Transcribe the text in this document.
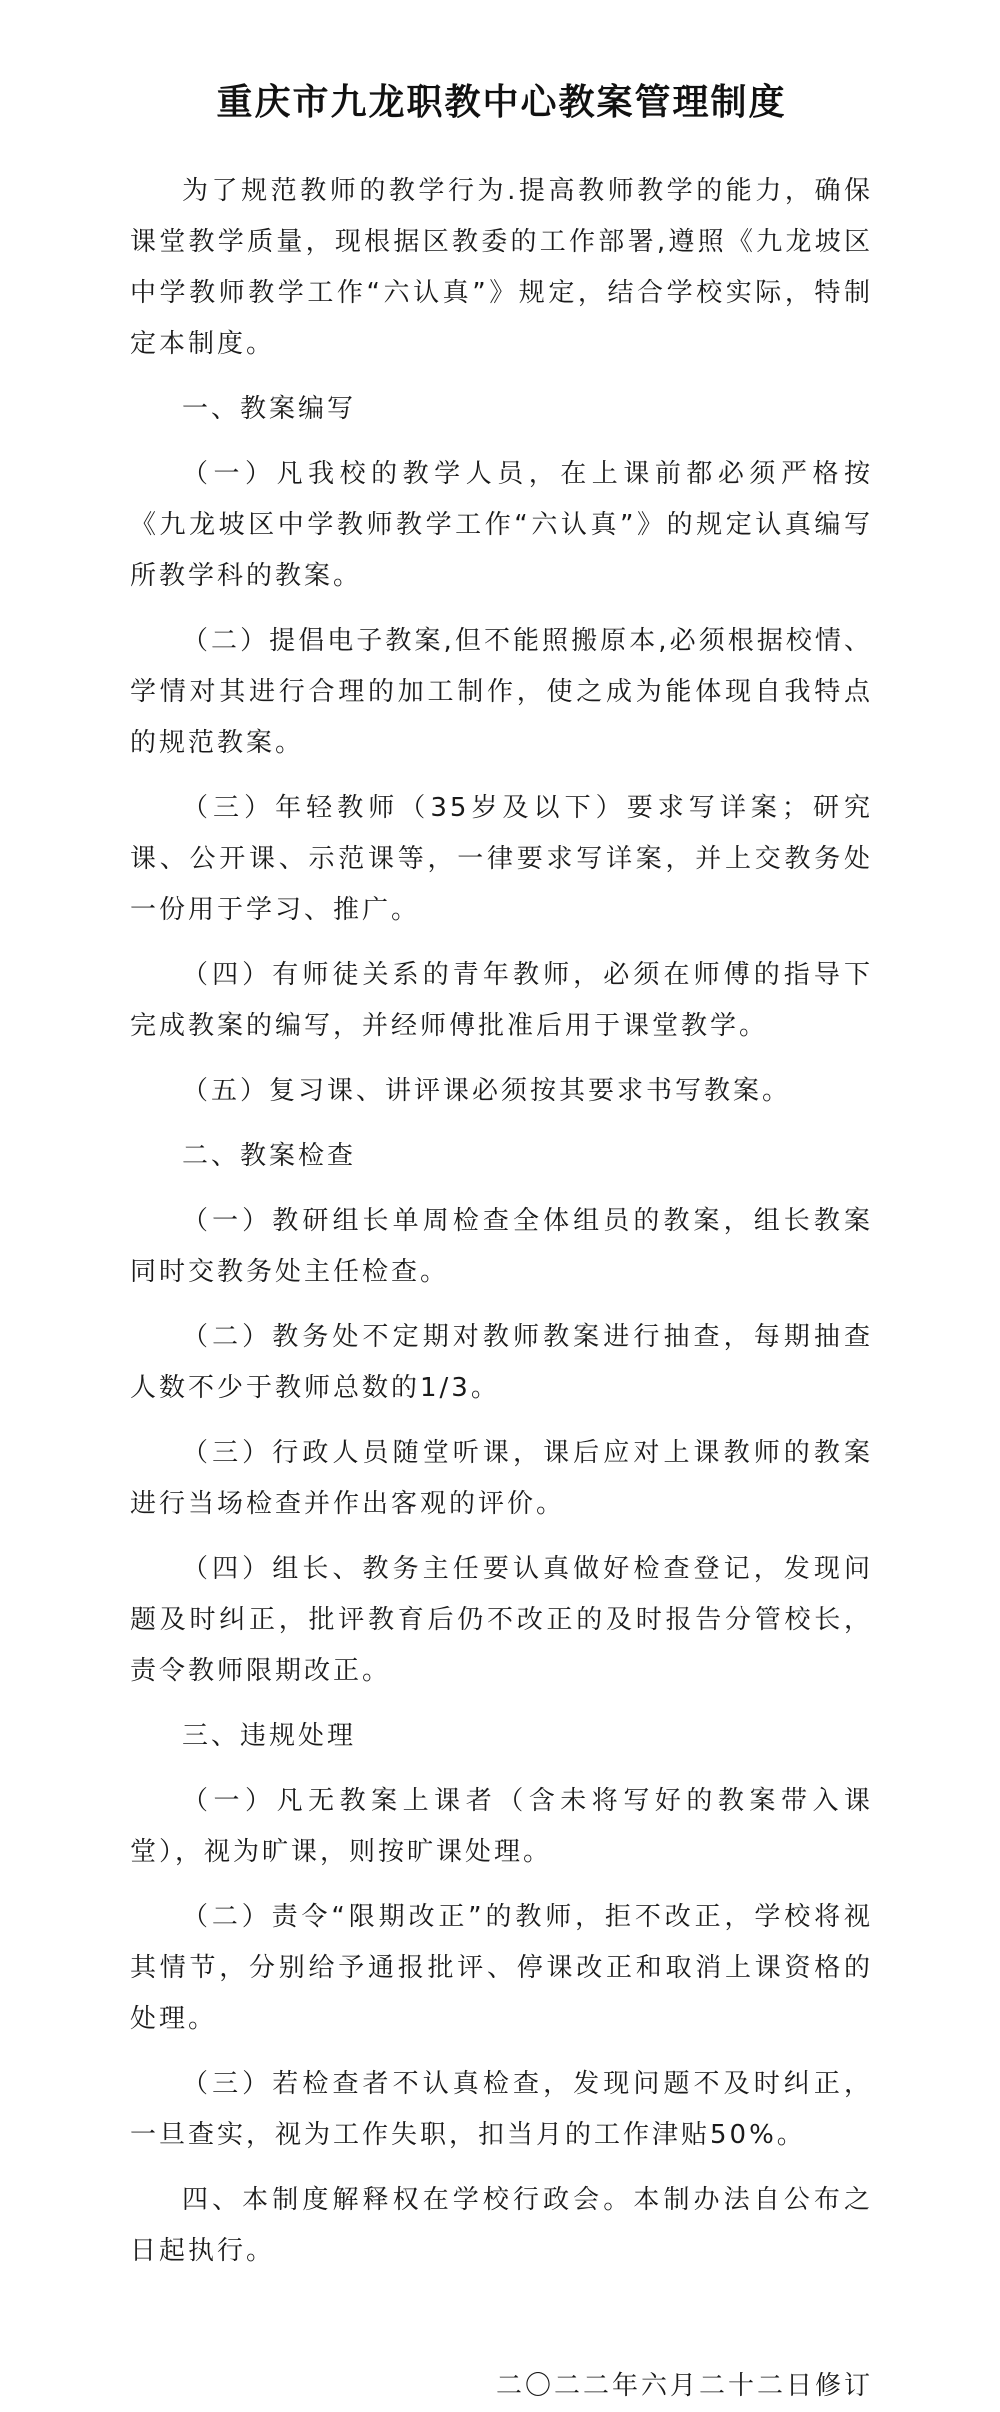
重庆市九龙职教中心教案管理制度

为了规范教师的教学行为.提高教师教学的能力，确保课堂教学质量，现根据区教委的工作部署,遵照《九龙坡区中学教师教学工作“六认真”》规定，结合学校实际，特制定本制度。

一、教案编写

（一）凡我校的教学人员，在上课前都必须严格按《九龙坡区中学教师教学工作“六认真”》的规定认真编写所教学科的教案。

（二）提倡电子教案,但不能照搬原本,必须根据校情、学情对其进行合理的加工制作，使之成为能体现自我特点的规范教案。

（三）年轻教师（35岁及以下）要求写详案；研究课、公开课、示范课等，一律要求写详案，并上交教务处一份用于学习、推广。

（四）有师徒关系的青年教师，必须在师傅的指导下完成教案的编写，并经师傅批准后用于课堂教学。

（五）复习课、讲评课必须按其要求书写教案。

二、教案检查

（一）教研组长单周检查全体组员的教案，组长教案同时交教务处主任检查。

（二）教务处不定期对教师教案进行抽查，每期抽查人数不少于教师总数的1/3。

（三）行政人员随堂听课，课后应对上课教师的教案进行当场检查并作出客观的评价。

（四）组长、教务主任要认真做好检查登记，发现问题及时纠正，批评教育后仍不改正的及时报告分管校长，责令教师限期改正。

三、违规处理

（一）凡无教案上课者（含未将写好的教案带入课堂），视为旷课，则按旷课处理。

（二）责令“限期改正”的教师，拒不改正，学校将视其情节，分别给予通报批评、停课改正和取消上课资格的处理。

（三）若检查者不认真检查，发现问题不及时纠正，一旦查实，视为工作失职，扣当月的工作津贴50%。

四、本制度解释权在学校行政会。本制办法自公布之日起执行。

二〇二二年六月二十二日修订
